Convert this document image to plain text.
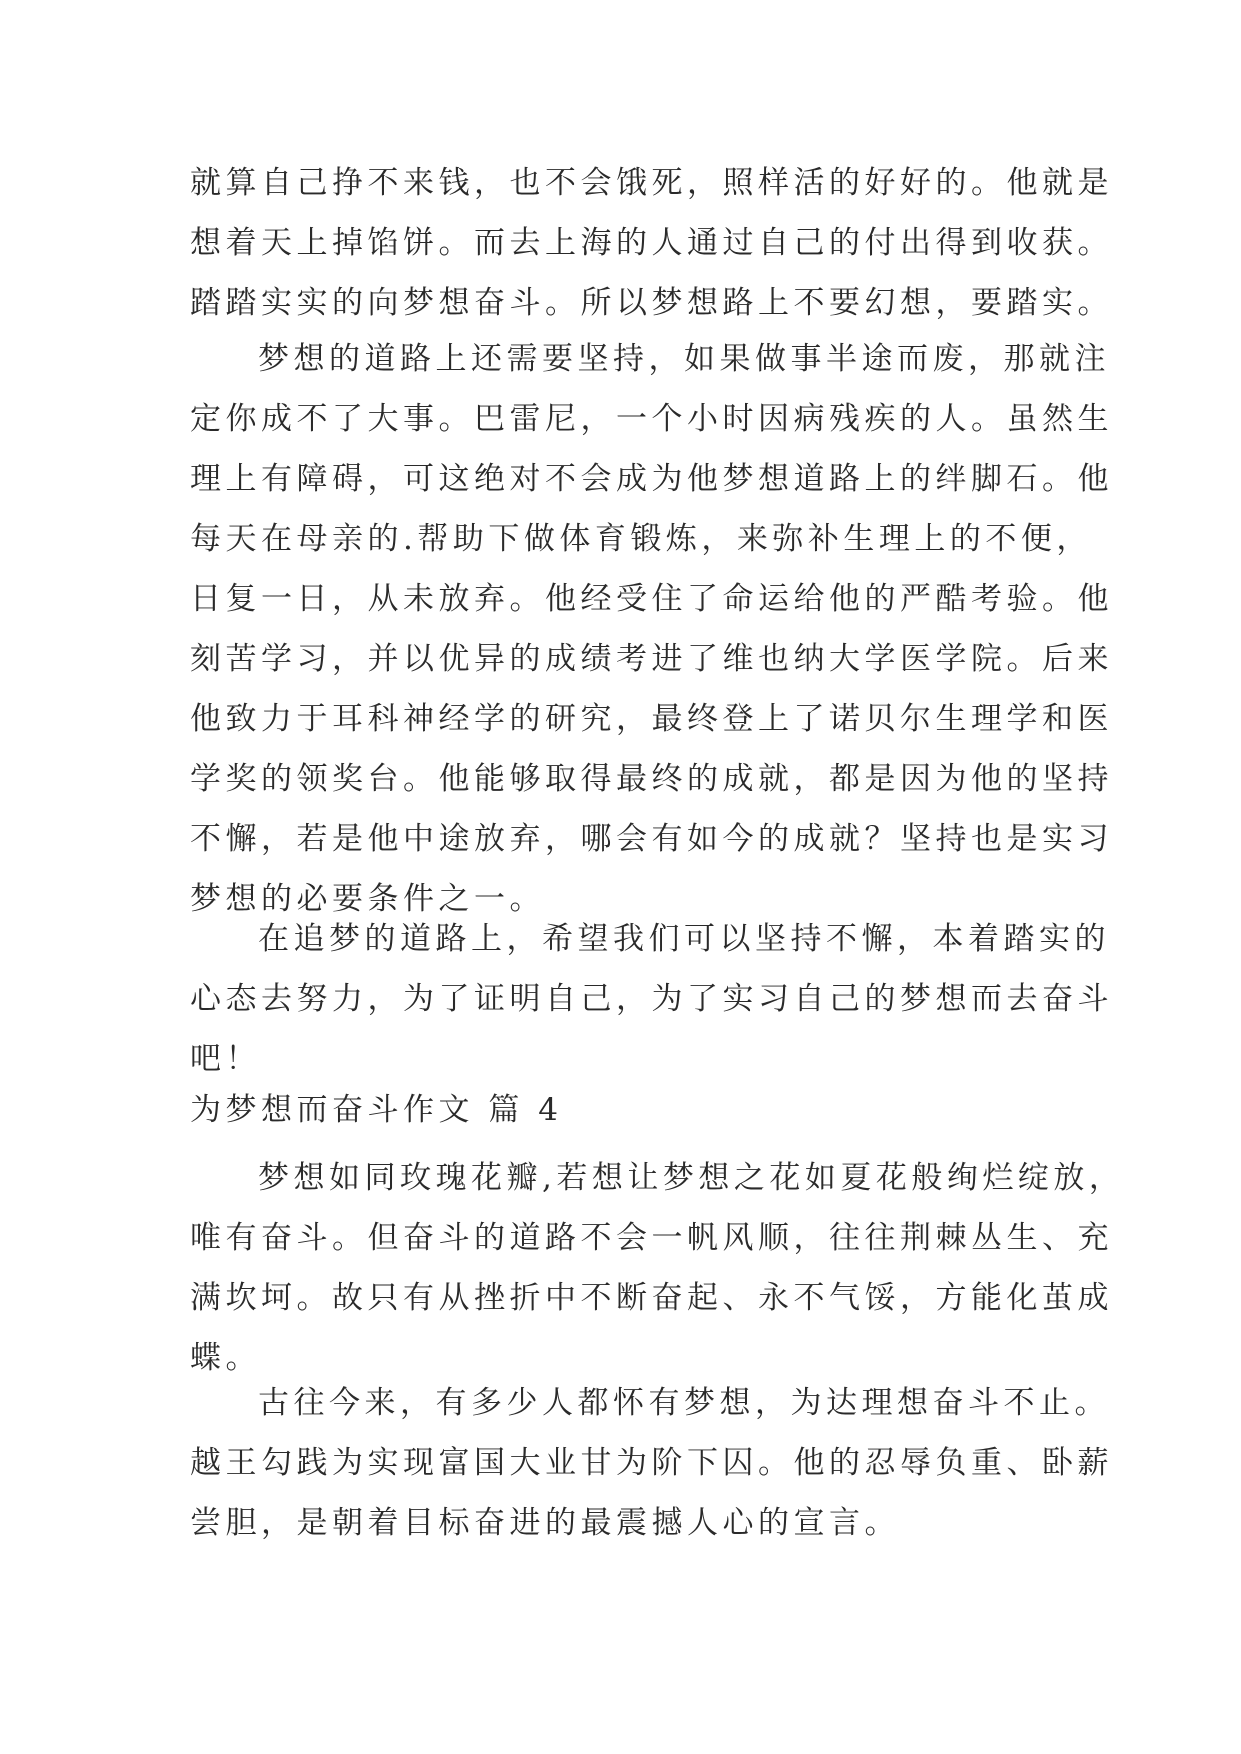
就算自己挣不来钱，也不会饿死，照样活的好好的。他就是
想着天上掉馅饼。而去上海的人通过自己的付出得到收获。
踏踏实实的向梦想奋斗。所以梦想路上不要幻想，要踏实。
梦想的道路上还需要坚持，如果做事半途而废，那就注
定你成不了大事。巴雷尼，一个小时因病残疾的人。虽然生
理上有障碍，可这绝对不会成为他梦想道路上的绊脚石。他
每天在母亲的.帮助下做体育锻炼，来弥补生理上的不便，
日复一日，从未放弃。他经受住了命运给他的严酷考验。他
刻苦学习，并以优异的成绩考进了维也纳大学医学院。后来
他致力于耳科神经学的研究，最终登上了诺贝尔生理学和医
学奖的领奖台。他能够取得最终的成就，都是因为他的坚持
不懈，若是他中途放弃，哪会有如今的成就？坚持也是实习
梦想的必要条件之一。
在追梦的道路上，希望我们可以坚持不懈，本着踏实的
心态去努力，为了证明自己，为了实习自己的梦想而去奋斗
吧！
为梦想而奋斗作文 篇 4
梦想如同玫瑰花瓣,若想让梦想之花如夏花般绚烂绽放，
唯有奋斗。但奋斗的道路不会一帆风顺，往往荆棘丛生、充
满坎坷。故只有从挫折中不断奋起、永不气馁，方能化茧成
蝶。
古往今来，有多少人都怀有梦想，为达理想奋斗不止。
越王勾践为实现富国大业甘为阶下囚。他的忍辱负重、卧薪
尝胆，是朝着目标奋进的最震撼人心的宣言。
